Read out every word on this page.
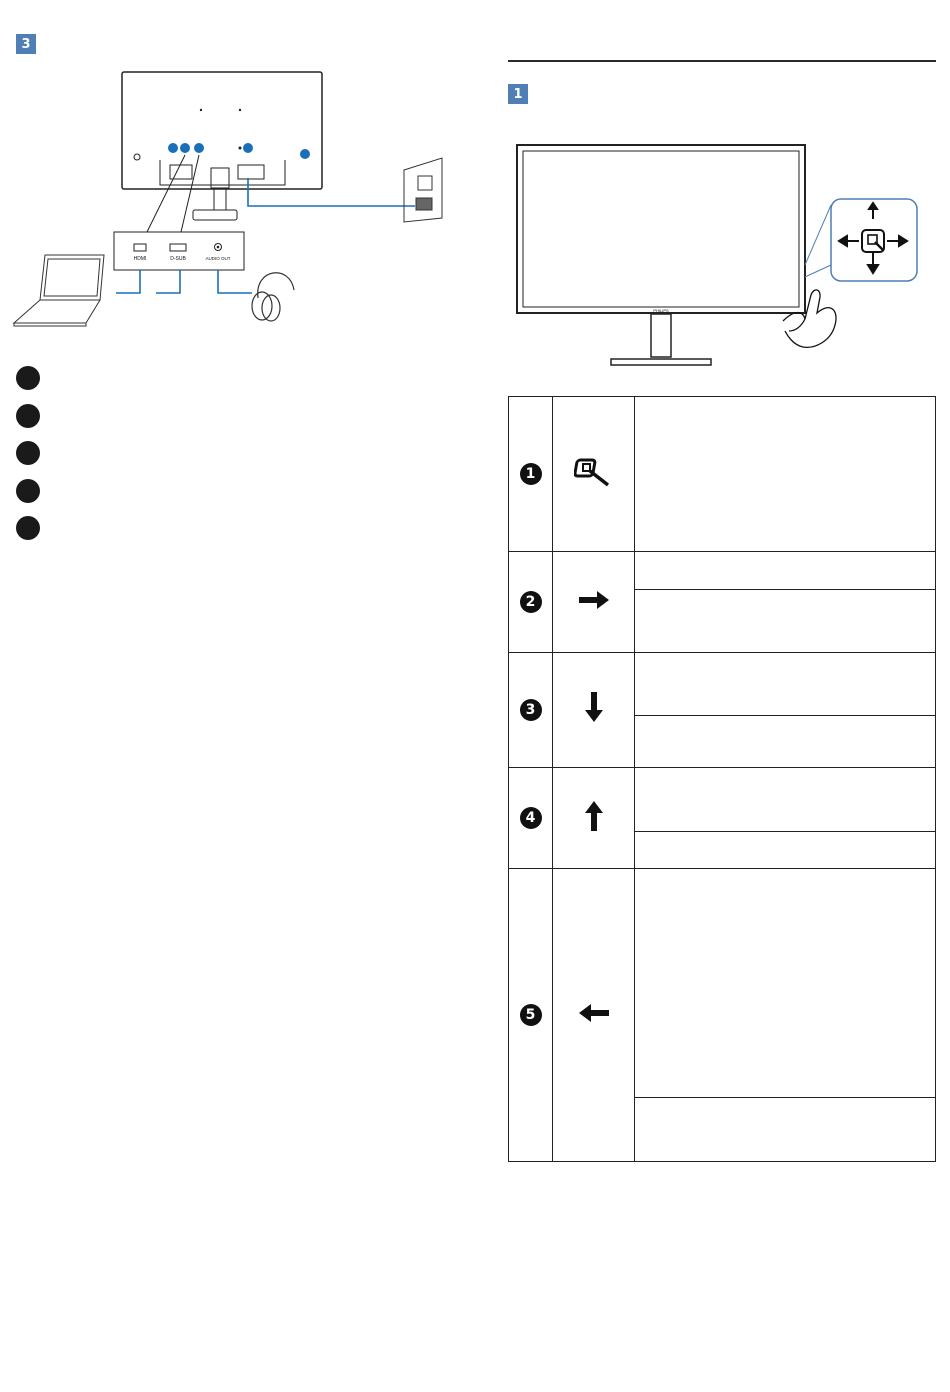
3
HDMI	D-SUB	AUDIO OUT
1
PHILIPS
1		
2		

3		

4		

5		
